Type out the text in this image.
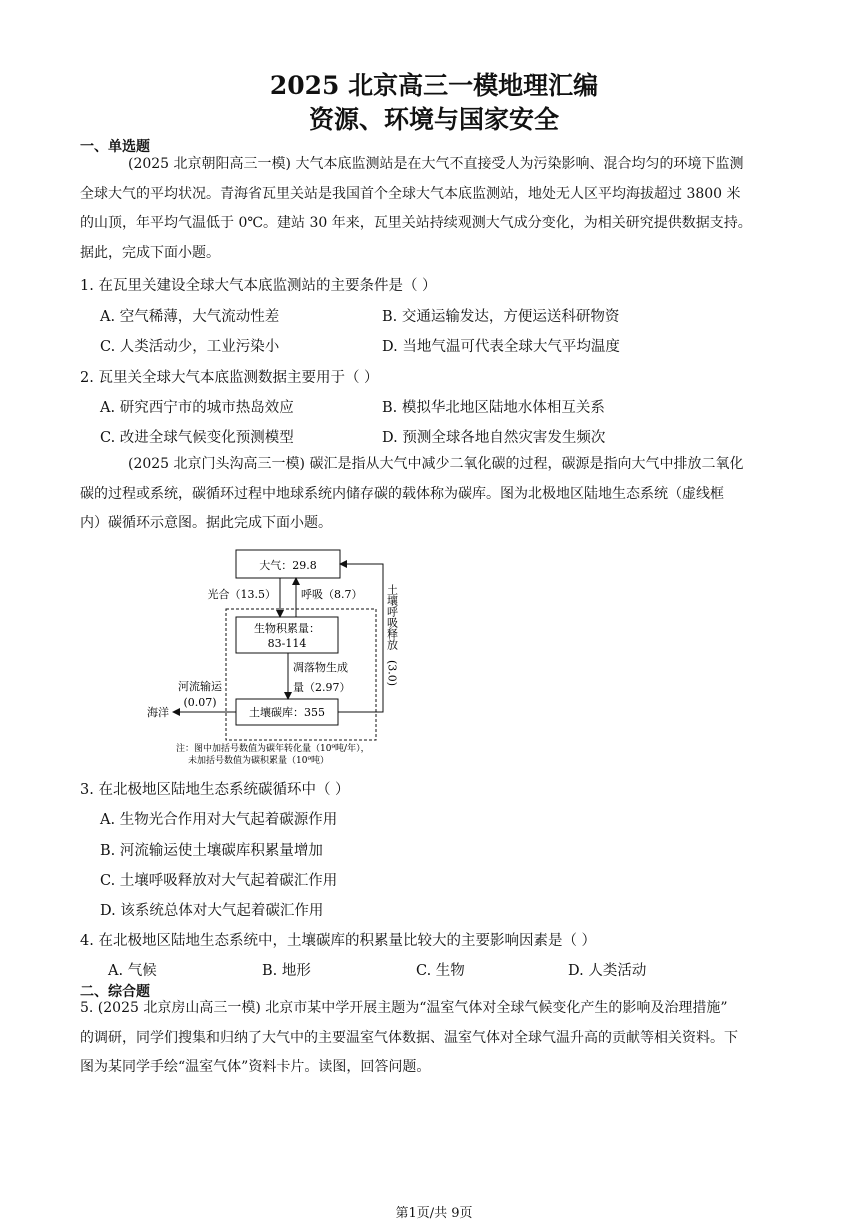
2025 北京高三一模地理汇编
资源、环境与国家安全
一、单选题
(2025 北京朝阳高三一模) 大气本底监测站是在大气不直接受人为污染影响、混合均匀的环境下监测
全球大气的平均状况。青海省瓦里关站是我国首个全球大气本底监测站，地处无人区平均海拔超过 3800 米
的山顶，年平均气温低于 0℃。建站 30 年来，瓦里关站持续观测大气成分变化，为相关研究提供数据支持。
据此，完成下面小题。
1. 在瓦里关建设全球大气本底监测站的主要条件是（ ）
A. 空气稀薄，大气流动性差	B. 交通运输发达，方便运送科研物资
C. 人类活动少，工业污染小	D. 当地气温可代表全球大气平均温度
2. 瓦里关全球大气本底监测数据主要用于（ ）
A. 研究西宁市的城市热岛效应	B. 模拟华北地区陆地水体相互关系
C. 改进全球气候变化预测模型	D. 预测全球各地自然灾害发生频次
(2025 北京门头沟高三一模) 碳汇是指从大气中减少二氧化碳的过程，碳源是指向大气中排放二氧化
碳的过程或系统，碳循环过程中地球系统内储存碳的载体称为碳库。图为北极地区陆地生态系统（虚线框
内）碳循环示意图。据此完成下面小题。
大气：29.8
生物积累量：
83-114
土壤碳库：355
光合（13.5） 呼吸（8.7）
凋落物生成
量（2.97）
土壤呼吸释放
(3.0)
河流输运
(0.07)
海洋
注：图中加括号数值为碳年转化量（10⁹吨/年），
未加括号数值为碳积累量（10⁹吨）
3. 在北极地区陆地生态系统碳循环中（ ）
A. 生物光合作用对大气起着碳源作用
B. 河流输运使土壤碳库积累量增加
C. 土壤呼吸释放对大气起着碳汇作用
D. 该系统总体对大气起着碳汇作用
4. 在北极地区陆地生态系统中，土壤碳库的积累量比较大的主要影响因素是（ ）
A. 气候	B. 地形	C. 生物	D. 人类活动
二、综合题
5. (2025 北京房山高三一模) 北京市某中学开展主题为“温室气体对全球气候变化产生的影响及治理措施”
的调研，同学们搜集和归纳了大气中的主要温室气体数据、温室气体对全球气温升高的贡献等相关资料。下
图为某同学手绘“温室气体”资料卡片。读图，回答问题。
第1页/共 9页
